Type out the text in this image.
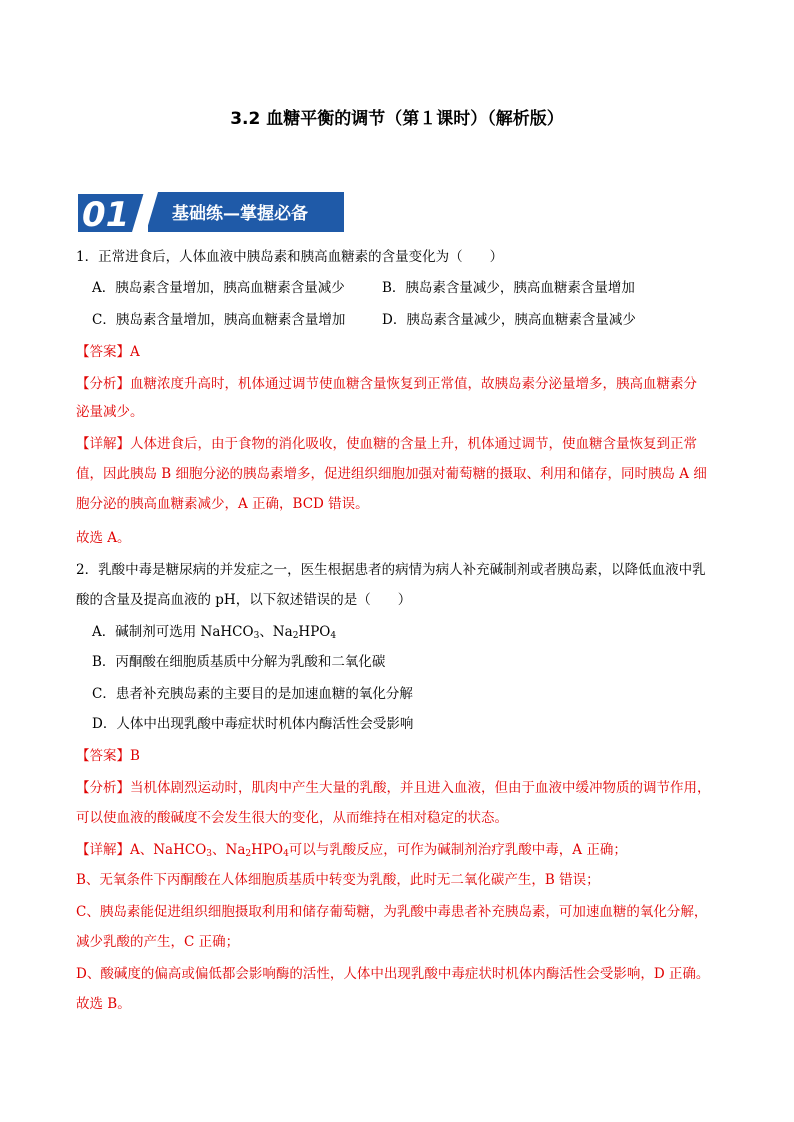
3.2 血糖平衡的调节（第１课时）（解析版）
01	基础练—掌握必备
1．正常进食后，人体血液中胰岛素和胰高血糖素的含量变化为（　　）
A．胰岛素含量增加，胰高血糖素含量减少	B．胰岛素含量减少，胰高血糖素含量增加
C．胰岛素含量增加，胰高血糖素含量增加	D．胰岛素含量减少，胰高血糖素含量减少
【答案】A
【分析】血糖浓度升高时，机体通过调节使血糖含量恢复到正常值，故胰岛素分泌量增多，胰高血糖素分
泌量减少。
【详解】人体进食后，由于食物的消化吸收，使血糖的含量上升，机体通过调节，使血糖含量恢复到正常
值，因此胰岛 B 细胞分泌的胰岛素增多，促进组织细胞加强对葡萄糖的摄取、利用和储存，同时胰岛 A 细
胞分泌的胰高血糖素减少，A 正确，BCD 错误。
故选 A。
2．乳酸中毒是糖尿病的并发症之一，医生根据患者的病情为病人补充碱制剂或者胰岛素，以降低血液中乳
酸的含量及提高血液的 pH，以下叙述错误的是（　　）
A．碱制剂可选用 NaHCO$_3$、$Na_2HPO_4$
B．丙酮酸在细胞质基质中分解为乳酸和二氧化碳
C．患者补充胰岛素的主要目的是加速血糖的氧化分解
D．人体中出现乳酸中毒症状时机体内酶活性会受影响
【答案】B
【分析】当机体剧烈运动时，肌肉中产生大量的乳酸，并且进入血液，但由于血液中缓冲物质的调节作用，
可以使血液的酸碱度不会发生很大的变化，从而维持在相对稳定的状态。
【详解】A、NaHCO$_3$、$Na_2HPO_4$可以与乳酸反应，可作为碱制剂治疗乳酸中毒，A 正确；
B、无氧条件下丙酮酸在人体细胞质基质中转变为乳酸，此时无二氧化碳产生，B 错误；
C、胰岛素能促进组织细胞摄取利用和储存葡萄糖，为乳酸中毒患者补充胰岛素，可加速血糖的氧化分解，
减少乳酸的产生，C 正确；
D、酸碱度的偏高或偏低都会影响酶的活性，人体中出现乳酸中毒症状时机体内酶活性会受影响，D 正确。
故选 B。
